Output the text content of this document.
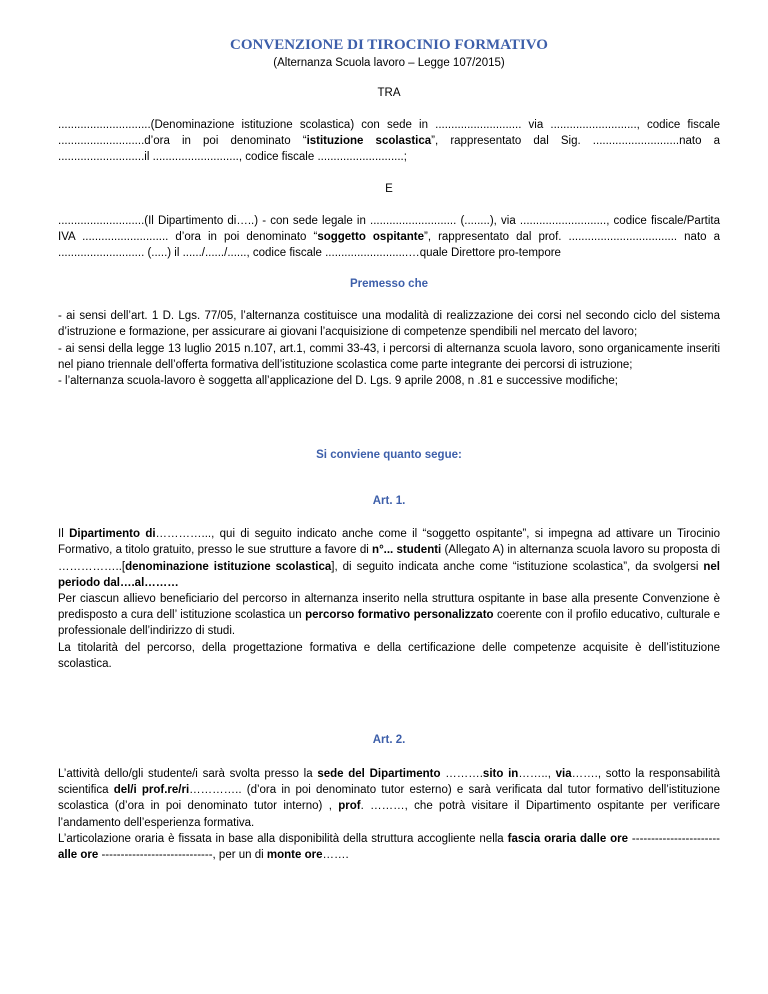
CONVENZIONE DI TIROCINIO FORMATIVO
(Alternanza Scuola lavoro – Legge 107/2015)
TRA

.............................(Denominazione istituzione scolastica) con sede in ........................... via ..........................., codice fiscale ...........................d’ora in poi denominato “istituzione scolastica”, rappresentato dal Sig. ...........................nato a ...........................il ..........................., codice fiscale ...........................;

E

...........................(Il Dipartimento di…..) - con sede legale in ........................... (........), via ..........................., codice fiscale/Partita IVA ........................... d’ora in poi denominato “soggetto ospitante”, rappresentato dal prof. .................................. nato a ........................... (.....) il ....../....../......, codice fiscale ..........................…quale Direttore pro-tempore

Premesso che

- ai sensi dell’art. 1 D. Lgs. 77/05, l’alternanza costituisce una modalità di realizzazione dei corsi nel secondo ciclo del sistema d’istruzione e formazione, per assicurare ai giovani l’acquisizione di competenze spendibili nel mercato del lavoro;

- ai sensi della legge 13 luglio 2015 n.107, art.1, commi 33-43, i percorsi di alternanza scuola lavoro, sono organicamente inseriti nel piano triennale dell’offerta formativa dell’istituzione scolastica come parte integrante dei percorsi di istruzione;

- l’alternanza scuola-lavoro è soggetta all’applicazione del D. Lgs. 9 aprile 2008, n .81 e successive modifiche;

Si conviene quanto segue:
Art. 1.

Il Dipartimento di…………..., qui di seguito indicato anche come il “soggetto ospitante”, si impegna ad attivare un Tirocinio Formativo, a titolo gratuito, presso le sue strutture a favore di n°... studenti (Allegato A) in alternanza scuola lavoro su proposta di ……………..[denominazione istituzione scolastica], di seguito indicata anche come “istituzione scolastica”, da svolgersi nel periodo dal….al………

Per ciascun allievo beneficiario del percorso in alternanza inserito nella struttura ospitante in base alla presente Convenzione è predisposto a cura dell’ istituzione scolastica un percorso formativo personalizzato coerente con il profilo educativo, culturale e professionale dell’indirizzo di studi.

La titolarità del percorso, della progettazione formativa e della certificazione delle competenze acquisite è dell’istituzione scolastica.

Art. 2.

L’attività dello/gli studente/i sarà svolta presso la sede del Dipartimento ……….sito in…….., via……., sotto la responsabilità scientifica del/i prof.re/ri………….. (d’ora in poi denominato tutor esterno) e sarà verificata dal tutor formativo dell’istituzione scolastica (d’ora in poi denominato tutor interno) , prof. ………, che potrà visitare il Dipartimento ospitante per verificare l’andamento dell’esperienza formativa.

L’articolazione oraria è fissata in base alla disponibilità della struttura accogliente nella fascia oraria dalle ore ----------------------- alle ore -----------------------------, per un di monte ore…….
